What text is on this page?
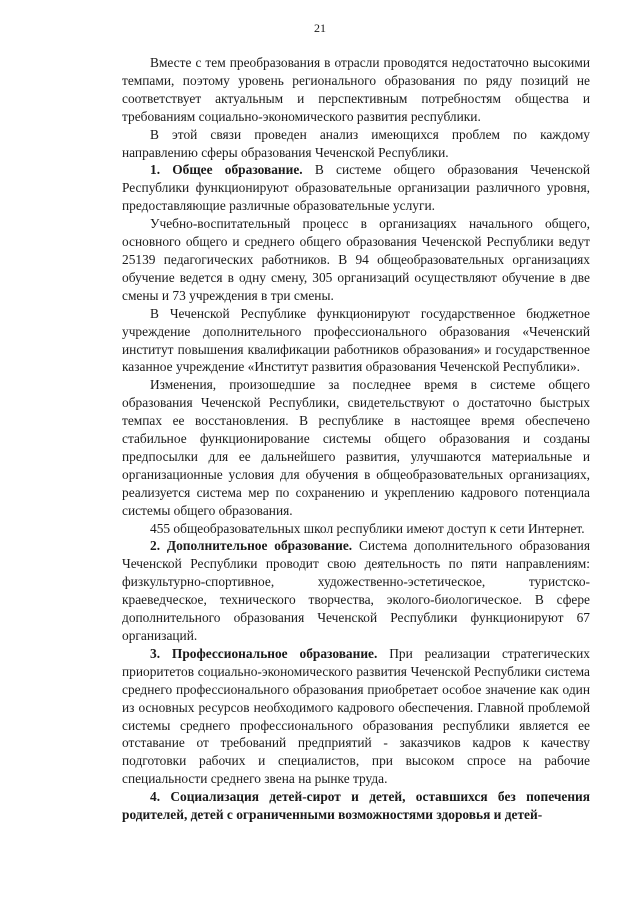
21

Вместе с тем преобразования в отрасли проводятся недостаточно высокими темпами, поэтому уровень регионального образования по ряду позиций не соответствует актуальным и перспективным потребностям общества и требованиям социально-экономического развития республики.

В этой связи проведен анализ имеющихся проблем по каждому направлению сферы образования Чеченской Республики.

1. Общее образование. В системе общего образования Чеченской Республики функционируют образовательные организации различного уровня, предоставляющие различные образовательные услуги.

Учебно-воспитательный процесс в организациях начального общего, основного общего и среднего общего образования Чеченской Республики ведут 25139 педагогических работников. В 94 общеобразовательных организациях обучение ведется в одну смену, 305 организаций осуществляют обучение в две смены и 73 учреждения в три смены.

В Чеченской Республике функционируют государственное бюджетное учреждение дополнительного профессионального образования «Чеченский институт повышения квалификации работников образования» и государственное казанное учреждение «Институт развития образования Чеченской Республики».

Изменения, произошедшие за последнее время в системе общего образования Чеченской Республики, свидетельствуют о достаточно быстрых темпах ее восстановления. В республике в настоящее время обеспечено стабильное функционирование системы общего образования и созданы предпосылки для ее дальнейшего развития, улучшаются материальные и организационные условия для обучения в общеобразовательных организациях, реализуется система мер по сохранению и укреплению кадрового потенциала системы общего образования.

455 общеобразовательных школ республики имеют доступ к сети Интернет.

2. Дополнительное образование. Система дополнительного образования Чеченской Республики проводит свою деятельность по пяти направлениям: физкультурно-спортивное, художественно-эстетическое, туристско-краеведческое, технического творчества, эколого-биологическое. В сфере дополнительного образования Чеченской Республики функционируют 67 организаций.

3. Профессиональное образование. При реализации стратегических приоритетов социально-экономического развития Чеченской Республики система среднего профессионального образования приобретает особое значение как один из основных ресурсов необходимого кадрового обеспечения. Главной проблемой системы среднего профессионального образования республики является ее отставание от требований предприятий - заказчиков кадров к качеству подготовки рабочих и специалистов, при высоком спросе на рабочие специальности среднего звена на рынке труда.

4. Социализация детей-сирот и детей, оставшихся без попечения родителей, детей с ограниченными возможностями здоровья и детей-
